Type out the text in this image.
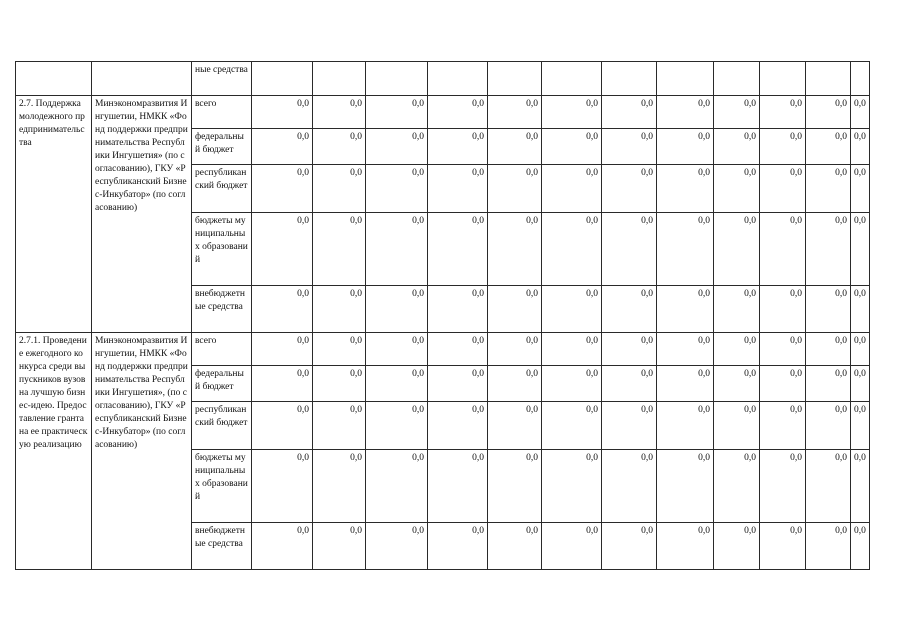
		ные средства												
2.7. Поддержка молодежного предпринимательства	Минэкономразвития Ингушетии, НМКК «Фонд поддержки предпринимательства Республики Ингушетия» (по согласованию), ГКУ «Республиканский Бизнес-Инкубатор» (по согласованию)	всего	0,0	0,0	0,0	0,0	0,0	0,0	0,0	0,0	0,0	0,0	0,0	0,0
		федеральный бюджет	0,0	0,0	0,0	0,0	0,0	0,0	0,0	0,0	0,0	0,0	0,0	0,0
		республиканский бюджет	0,0	0,0	0,0	0,0	0,0	0,0	0,0	0,0	0,0	0,0	0,0	0,0
		бюджеты муниципальных образований	0,0	0,0	0,0	0,0	0,0	0,0	0,0	0,0	0,0	0,0	0,0	0,0
		внебюджетные средства	0,0	0,0	0,0	0,0	0,0	0,0	0,0	0,0	0,0	0,0	0,0	0,0
2.7.1. Проведение ежегодного конкурса среди выпускников вузов на лучшую бизнес-идею. Предоставление гранта на ее практическую реализацию	Минэкономразвития Ингушетии, НМКК «Фонд поддержки предпринимательства Республики Ингушетия», (по согласованию), ГКУ «Республиканский Бизнес-Инкубатор» (по согласованию)	всего	0,0	0,0	0,0	0,0	0,0	0,0	0,0	0,0	0,0	0,0	0,0	0,0
		федеральный бюджет	0,0	0,0	0,0	0,0	0,0	0,0	0,0	0,0	0,0	0,0	0,0	0,0
		республиканский бюджет	0,0	0,0	0,0	0,0	0,0	0,0	0,0	0,0	0,0	0,0	0,0	0,0
		бюджеты муниципальных образований	0,0	0,0	0,0	0,0	0,0	0,0	0,0	0,0	0,0	0,0	0,0	0,0
		внебюджетные средства	0,0	0,0	0,0	0,0	0,0	0,0	0,0	0,0	0,0	0,0	0,0	0,0
